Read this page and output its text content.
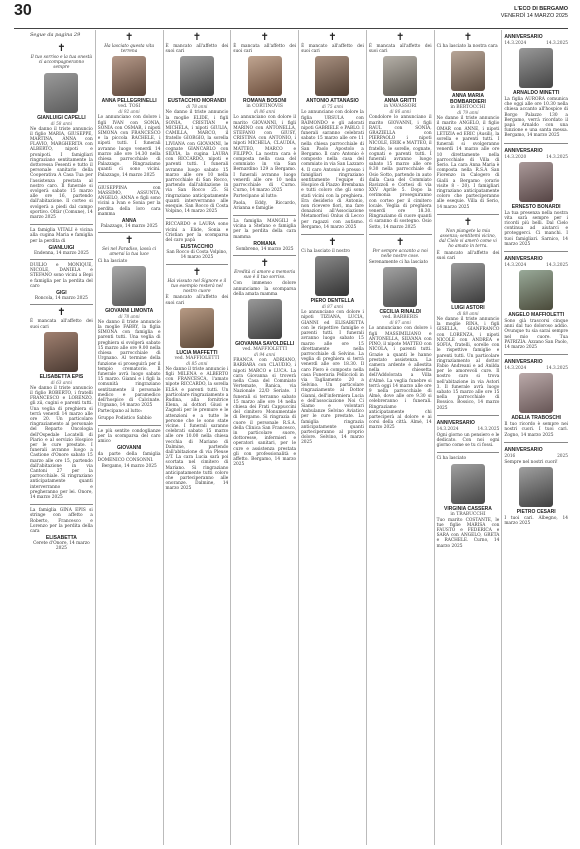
30	L'ECO DI BERGAMO
VENERDÌ 14 MARZO 2025
Segue da pagina 29
✝
Il tuo sorriso e la tua onestà ci accompagneranno sempre
GIANLUIGI CAPELLI
di 58 anni
Ne danno il triste annuncio il figlio MARIA, GIUSEPPE, MARTINA, ANNA con FLAVIO, MARGHERITA con ALBERTO, nipoti e pronipoti. I famigliari ringraziano sentitamente la dottoressa Fesenti e tutto il personale sanitario della Cooperativa A Casa Tua per l'assistenza prestata al nostro caro. Il funerale si svolgerà sabato 15 marzo alle ore 16, partendo dall'abitazione. Il corteo si svolgerà a piedi dal campo sportivo. Oltàr (Comune), 14 marzo 2025
La famiglia VITALI è vicina alla cugina Maria e famiglia per la perdita di
GIANLUIGI
Endenna, 14 marzo 2025
DUILIO e MONIQUE, NICOLE, DANIELA e STEFANO sono vicini a Bepi e famiglia per la perdita del caro
GIGI
Roncola, 14 marzo 2025
✝
È mancata all'affetto dei suoi cari
ELISABETTA EPIS
di 63 anni
Ne danno il triste annuncio il figlio ROBERTO, i fratelli FRANCESCO e LORENZO, gli zii, cugini e parenti tutti. Una veglia di preghiera si terrà venerdì 14 marzo alle ore 20. Un particolare ringraziamento al personale del Reparto Oncologia dell'Ospedale Locatelli di Piario e al servizio Hospice per le cure prestate. I funerali avranno luogo a Castione d'Onore sabato 15 marzo alle ore 15, partendo dall'abitazione in via Cantoni 27 per la parrocchiale. Si ringraziano anticipatamente quanti interverranno e pregheranno per lei. Onore, 14 marzo 2025
La famiglia GINA EPIS si stringe con affetto a Roberto, Francesco e Lorenzo per la perdita della cara
ELISABETTA
Cerete d'Onore, 14 marzo 2025
✝
Ha lasciato questa vita terrena
ANNA PELLEGRINELLI
ved. TOSI
di 92 anni
Lo annunciano con dolore i figli IVAN con SONIA, SONIA con OSMAR, i nipoti SIMONA con FRANCESCO e la piccola RACHELE, i nipoti tutti. I funerali avranno luogo venerdì 14 marzo alle ore 14.30 nella chiesa parrocchiale di Palazzago. Ringraziamo quanti ci sono vicini. Palazzago, 14 marzo 2025
GIUSEPPINA con MASSIMO, ASSUNTA, ANGELO, ANNA e figli sono vicini a Ivan e Sonia per la perdita della loro cara mamma
ANNA
Palazzago, 14 marzo 2025
✝
Sei nel Paradiso, lassù ci amerai la tua luce
Ci ha lasciato
GIOVANNI LIMONTA
di 78 anni
Ne danno il triste annuncio la moglie FABRY, la figlia SIMONA con famiglia e parenti tutti. Una veglia di preghiera si svolgerà sabato 15 marzo alle ore 9.00 nella chiesa parrocchiale di Urgnano. Al termine della funzione si proseguirà per il tempio crematorio. Il funerale avrà luogo sabato 15 marzo. Giannì e i figli la comunità ringraziano sentitamente il personale medico e paramedico dell'hospice di Calcinate. Urgnano, 14 marzo 2025
Partecipano al lutto:
Gruppo Podistico Sabbio
Le più sentite condoglianze per la scomparsa del caro amico
GIOVANNI
da parte della famiglia DOMENICO CONSONNI.
Bergamo, 14 marzo 2025
✝
È mancato all'affetto dei suoi cari
EUSTACCHIO MORANDI
di 78 anni
Ne danno il triste annuncio la moglie ELIDE, i figli SONIA, CRISTIAN e MICHELA, i nipoti GIULIA, CAMILLA, MARCO, il fratello GIORGIO, la sorella LIVIANA con GIOVANNI, le cognate GIANCARLO con SILVIA, la cugina LAURA con RICCARDO, nipoti e parenti tutti. I funerali avranno luogo sabato 15 marzo alle ore 10 nella parrocchiale di San Rocco, partendo dall'abitazione in via San Rocco 25. Si ringraziano anticipatamente quanti interverranno alle esequie. San Rocco di Costa Volpino, 14 marzo 2025
RICCARDO e LAURA sono vicini a Elide, Sonia e Cristian per la scomparsa del caro papà
EUSTACCHIO
San Rocco di Costa Volpino, 14 marzo 2025
✝
Hai vissuto nel Signore e il tuo esempio resterà nel nostro cuore
È mancato all'affetto dei suoi cari
LUCIA MAFFETTI
ved. MAFFIOLETTI
di 85 anni
Ne danno il triste annuncio i figli MILENA e ALBERTO con FRANCESCA, l'amato nipote RICCARDO, la sorella ELSA e parenti tutti. Un particolare ringraziamento a Rudina, alla fornitrice Elena, ai dottori Giusi e Zagnoli per le premure e le attenzioni e a tutte le persone che le sono state vicine. I funerali saranno celebrati sabato 15 marzo alle ore 10.00 nella chiesa vecchia di Mariano di Dalmine, partendo dall'abitazione di via Pleuse 2/T. La cara Lucia sarà poi scortata nel cimitero di Mariano. Si ringraziano anticipatamente tutti coloro che parteciperanno alle onoranze. Dalmine, 14 marzo 2025
✝
È mancata all'affetto dei suoi cari
ROMANA BOSONI
in CORTINOVIS
di 86 anni
Lo annunciano con dolore il marito GIOVANNI, i figli MARINO con ANTONELLA, STEFANO con GIUSY, CRISTINA con ANTONIO, i nipoti MICHELA, CLAUDIA, MATTEO, MARCO e FILIPPO. La nostra cara è composta nella casa del commiato in via San Bernardino 129 a Bergamo. I funerali avranno luogo venerdì alle ore 10 nella parrocchiale di Curno. Curno, 14 marzo 2025
Partecipano al lutto:
Paola, Eddy, Riccardo, Arianna e famiglie
La famiglia MANGILI è vicina a Stefano e famiglia per la perdita della cara mamma
ROMANA
Sombreno, 14 marzo 2025
✝
Eredità ci amore a memoria suo è il tuo sorriso.
Con immenso dolore annunciamo la scomparsa della amata mamma
GIOVANNA SAVOLDELLI
ved. MAFFIOLETTI
di 94 anni
FRANCA con ADRIANO, BARBARA con CLAUDIO, i nipoti MARCO e LUCA. La cara Giovanna si troverà nella Casa del Commiato Vertemate, Ranica, via Nazionale 22/D Seriate. I funerali si terranno sabato 15 marzo alle ore 14 nella chiesa dei Frati Cappuccini del cimitero Monumentale di Bergamo. Si ringrazia di cuore il personale R.S.A. della Clinica San Francesco, in particolare suore, dottoresse, infermieri e operatori sanitari, per le cure e assistenza prestata gli con professionalità e affetto. Bergamo, 14 marzo 2025
✝
È mancato all'affetto dei suoi cari
ANTONIO ATTANASIO
di 75 anni
Lo annunciano con dolore la figlia URSULA con RAIMONDO e gli adorati nipoti GABRIELE e PABLO. I funerali saranno celebrati sabato 15 marzo alle ore 11 nella chiesa parrocchiale di San Paolo Apostolo a Bergamo. Il caro Antonio è composto nella casa del commiato in via San Lazzaro 4. Il caro Antonio è presso i famigliari ringraziano sentitamente l'equipe di Hospice di Piazzo Brembana e tutti coloro che gli sono stati vicini con la preghiera. Era desiderio di Antonio, non ricevere fiori, ma fare donazioni all'Associazione Metamorfosi Onlus di Lecco per ragazzi con autismo. Bergamo, 14 marzo 2025
✝
Ci ha lasciato il nostro
PIERO DENTELLA
di 87 anni
Lo annunciano con dolore i nipoti TIZIANA, LUCIA, GIANNI ed ELISABETTA con le rispettive famiglie e parenti tutti. I funerali avranno luogo sabato 15 marzo alle ore 15 direttamente nella parrocchiale di Selvino. La veglia di preghiera si terrà venerdì alle ore 18.30. Il caro Piero è composto nella casa Funeraria Pelliccioli in via Tagliamento 20 a Selvino. Un particolare ringraziamento al Dottor Gianni, dell'infermiera Lucia e dell'associazione Noi Ci Siamo e volontari Ambulanze Selvino Aviatico per le cure prestate. La famiglia ringrazia anticipatamente quanti parteciperanno al proprio dolore. Selvino, 14 marzo 2025
✝
È mancata all'affetto dei suoi cari
ANNA GRITTI
in VAVASSORI
di 86 anni
Condolore lo annunciano il marito GIOVANNI, i figli RAUL con SONIA, GRAZIELLA con PIERPAOLO i nipoti NICOLE, ERIK e MATTEO, il fratello, le sorelle, cognate, cognati e parenti tutti. I funerali avranno luogo sabato 15 marzo alle ore 9.30 nella parrocchiale di Osio Sotto, partendo in auto dalla Casa del Commiato Ravizzoli e Cortesi di via XXV Aprile 5. Dopo la cerimonia proseguiranno con corteo per il cimitero locale. Veglia di preghiera venerdì ore 18.30. Ringraziamo di cuore quanti ci saranno di sostegno. Osio Sotto, 14 marzo 2025
✝
Per sempre accanto a noi nelle nostre cose.
Serenamente ci ha lasciato
CECILIA RINALDI
ved. BARBERIS
di 87 anni
Lo annunciano con dolore i figli MASSIMILIANO e ANTONELLA, SILVANA con PINO, il nipote MATTEO con NICOLA, i parenti tutti. Grazie a quanti le hanno prestato assistenza. La camera ardente è allestita nella chiesetta dell'Addolorata a Villa d'Almè. La veglia funebre si terrà oggi 14 marzo alle ore 9 nella parrocchiale di Almè, dove alle ore 9.30 si celebreranno i funerali. Ringraziamo anticipatamente chi parteciperà al dolore e ai corsi della città. Almè, 14 marzo 2025
✝
Ci ha lasciato la nostra cara
ANNA MARIA BOMBARDIERI
in BERTOCCHI
di 79 anni
Ne danno il triste annuncio il marito ANGELO, il figlio OMAR con ANNE, i nipoti LETIZIA ed ERIC (Ausili), la sorella e parenti tutti. I funerali si svolgeranno venerdì 14 marzo alle ore 10 direttamente nella parrocchiale di Villa di Serio. La cara Anna Maria è composta nella R.S.A San Fiorenzo in Calogero di Gialli a Bergamo (orario visite 8 - 20). I famigliari ringraziano anticipatamente coloro che parteciperanno alle esequie. Villa di Serio, 14 marzo 2025
✝
Non piangete la mia assenza; sentitemi vicino, dal Cielo vi amerò come vi ho amato in terra.
È mancato all'affetto dei suoi cari
LUIGI ASTORI
di 88 anni
Ne danno il triste annuncio la moglie RINA, i figli GISELLA, GIANFRANCO con LORENZA, i nipoti NICOLE con ANDREA e SOFIA, fratelli, sorelle con le rispettive famiglie e parenti tutti. Un particolare ringraziamento al dottor Fabio Andreani e ad Anilda per le amorevoli cure. Il nostro caro si trova nell'abitazione in via Astori 3. Il funerale avrà luogo sabato 15 marzo alle ore 15 nella parrocchiale di Bossico. Bossico, 14 marzo 2025
ANNIVERSARIO
14.3.2024	14.3.2025
Ogni giorno un pensiero e le dedicato. Con noi ogni giorno come se tu ci fossi.
Ci ha lasciato
VIRGINIA CASSERA
in TRABUCCHI
Tuo marito COSTANTE, le tue figlie MARISA con FAUSTO e FEDERICA e SARA con ANGELO, GRETA e RACHELE. Curno, 14 marzo 2025
ANNIVERSARIO
14.3.2024	14.3.2025
ARNALDO MINETTI
La figlia AURORA comunica che oggi alle ore 10.30 nella chiesa accanto all'hospice di Borgo Palazzo 130 a Bergamo, verrà ricordato il papà Arnaldo con una funzione e una santa messa. Bergamo, 14 marzo 2025
ANNIVERSARIO
14.3.2020	14.3.2025
ERNESTO BONARDI
La tua presenza nella nostra vita sarà sempre per i ricordi più belli. Dal Cielo continua ad aiutarci e proteggerci. Ci manchi. I tuoi famigliari. Sarnico, 14 marzo 2025
ANNIVERSARIO
14.3.2024	14.3.2025
ANGELO MAFFIOLETTI
Sono già trascorsi cinque anni dal tuo doloroso addio. Ovunque tu sia sarai sempre nel mio cuore. Tua PATRIZIA. Azzano San Paolo, 14 marzo 2025
ANNIVERSARIO
14.3.2024	14.3.2025
ADELIA TRABOSCHI
Il tuo ricordo è sempre nei nostri cuori. I tuoi cari. Zogno, 14 marzo 2025
ANNIVERSARIO
2016	2025
Sempre nel nostri cuori!
PIETRO CESARI
I tuoi cari. Albegno, 14 marzo 2025
